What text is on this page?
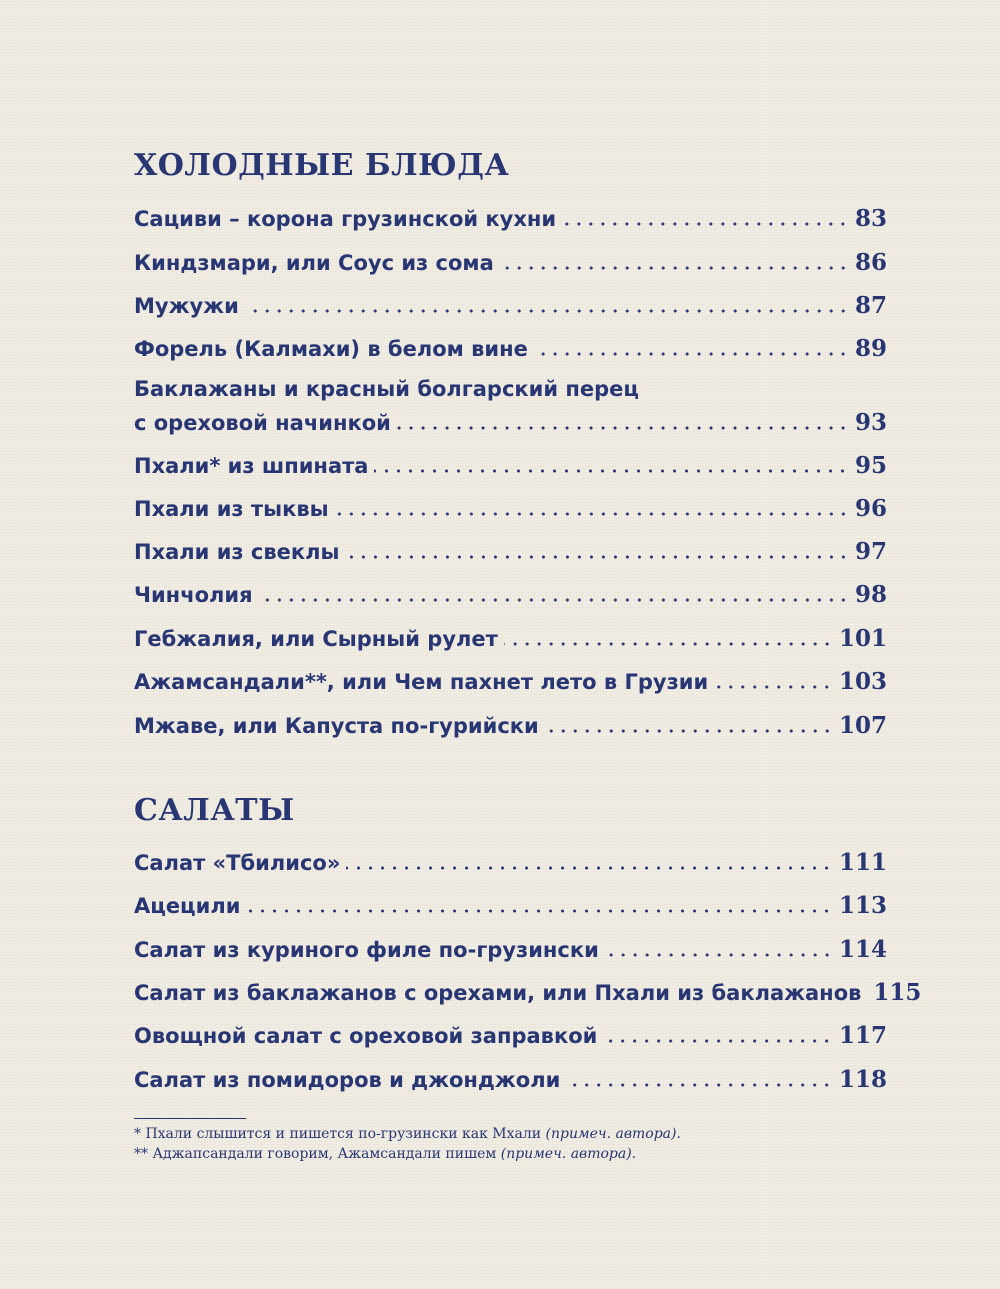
ХОЛОДНЫЕ БЛЮДА
Сациви – корона грузинской кухни	83
Киндзмари, или Соус из сома	86
Мужужи	87
Форель (Калмахи) в белом вине	89
Баклажаны и красный болгарский перец
с ореховой начинкой	93
Пхали* из шпината	95
Пхали из тыквы	96
Пхали из свеклы	97
Чинчолия	98
Гебжалия, или Сырный рулет	101
Ажамсандали**, или Чем пахнет лето в Грузии	103
Мжаве, или Капуста по-гурийски	107
САЛАТЫ
Салат «Тбилисо»	111
Ацецили	113
Салат из куриного филе по-грузински	114
Салат из баклажанов с орехами, или Пхали из баклажанов 115
Овощной салат с ореховой заправкой	117
Салат из помидоров и джонджоли	118
* Пхали слышится и пишется по-грузински как Мхали (примеч. автора).
** Аджапсандали говорим, Ажамсандали пишем (примеч. автора).
